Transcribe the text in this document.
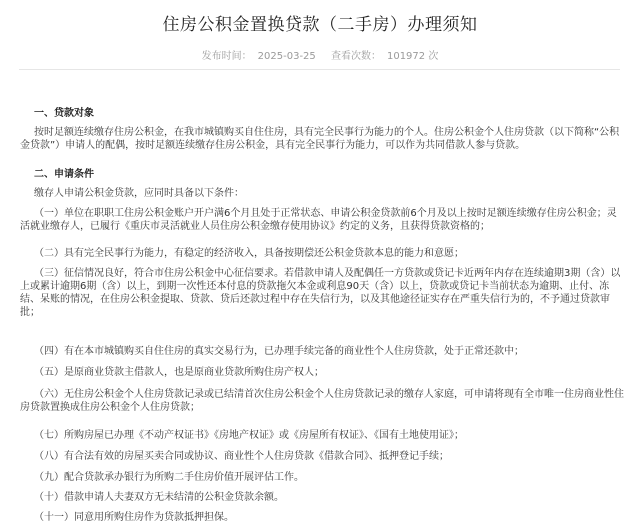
住房公积金置换贷款（二手房）办理须知
发布时间： 2025-03-25 查看次数： 101972 次
一、贷款对象
按时足额连续缴存住房公积金，在我市城镇购买自住住房，具有完全民事行为能力的个人。住房公积金个人住房贷款（以下简称“公积金贷款”）申请人的配偶，按时足额连续缴存住房公积金，具有完全民事行为能力，可以作为共同借款人参与贷款。
二、申请条件
缴存人申请公积金贷款，应同时具备以下条件：
（一）单位在职职工住房公积金账户开户满6个月且处于正常状态、申请公积金贷款前6个月及以上按时足额连续缴存住房公积金；灵活就业缴存人，已履行《重庆市灵活就业人员住房公积金缴存使用协议》约定的义务，且获得贷款资格的；
（二）具有完全民事行为能力，有稳定的经济收入，具备按期偿还公积金贷款本息的能力和意愿；
（三）征信情况良好，符合市住房公积金中心征信要求。若借款申请人及配偶任一方贷款或贷记卡近两年内存在连续逾期3期（含）以上或累计逾期6期（含）以上，到期一次性还本付息的贷款拖欠本金或利息90天（含）以上，贷款或贷记卡当前状态为逾期、止付、冻结、呆账的情况，在住房公积金提取、贷款、贷后还款过程中存在失信行为，以及其他途径证实存在严重失信行为的，不予通过贷款审批；
（四）有在本市城镇购买自住住房的真实交易行为，已办理手续完备的商业性个人住房贷款，处于正常还款中；
（五）是原商业贷款主借款人，也是原商业贷款所购住房产权人；
（六）无住房公积金个人住房贷款记录或已结清首次住房公积金个人住房贷款记录的缴存人家庭，可申请将现有全市唯一住房商业性住房贷款置换成住房公积金个人住房贷款；
（七）所购房屋已办理《不动产权证书》《房地产权证》或《房屋所有权证》、《国有土地使用证》；
（八）有合法有效的房屋买卖合同或协议、商业性个人住房贷款《借款合同》、抵押登记手续；
（九）配合贷款承办银行为所购二手住房价值开展评估工作。
（十）借款申请人夫妻双方无未结清的公积金贷款余额。
（十一）同意用所购住房作为贷款抵押担保。
